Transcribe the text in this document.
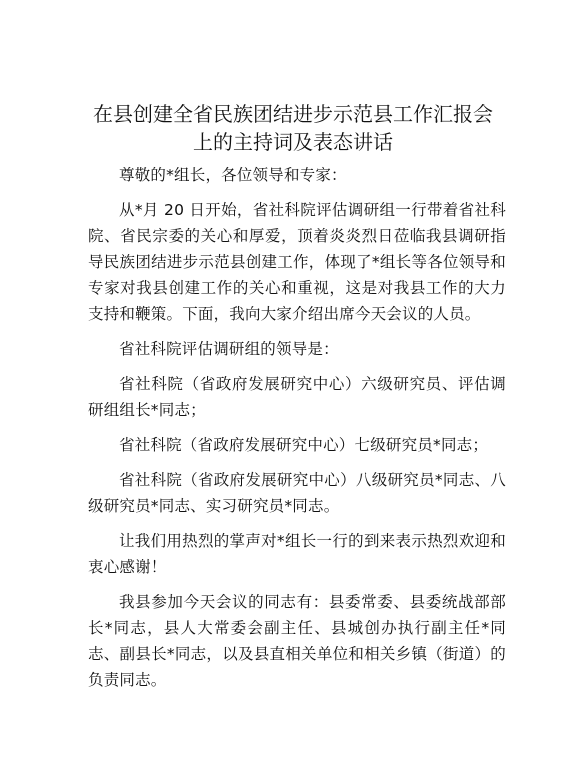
在县创建全省民族团结进步示范县工作汇报会
上的主持词及表态讲话

尊敬的*组长，各位领导和专家：

从*月 20 日开始，省社科院评估调研组一行带着省社科院、省民宗委的关心和厚爱，顶着炎炎烈日莅临我县调研指导民族团结进步示范县创建工作，体现了*组长等各位领导和专家对我县创建工作的关心和重视，这是对我县工作的大力支持和鞭策。下面，我向大家介绍出席今天会议的人员。

省社科院评估调研组的领导是：

省社科院（省政府发展研究中心）六级研究员、评估调研组组长*同志；

省社科院（省政府发展研究中心）七级研究员*同志；

省社科院（省政府发展研究中心）八级研究员*同志、八级研究员*同志、实习研究员*同志。

让我们用热烈的掌声对*组长一行的到来表示热烈欢迎和衷心感谢！

我县参加今天会议的同志有：县委常委、县委统战部部长*同志，县人大常委会副主任、县城创办执行副主任*同志、副县长*同志，以及县直相关单位和相关乡镇（街道）的负责同志。
